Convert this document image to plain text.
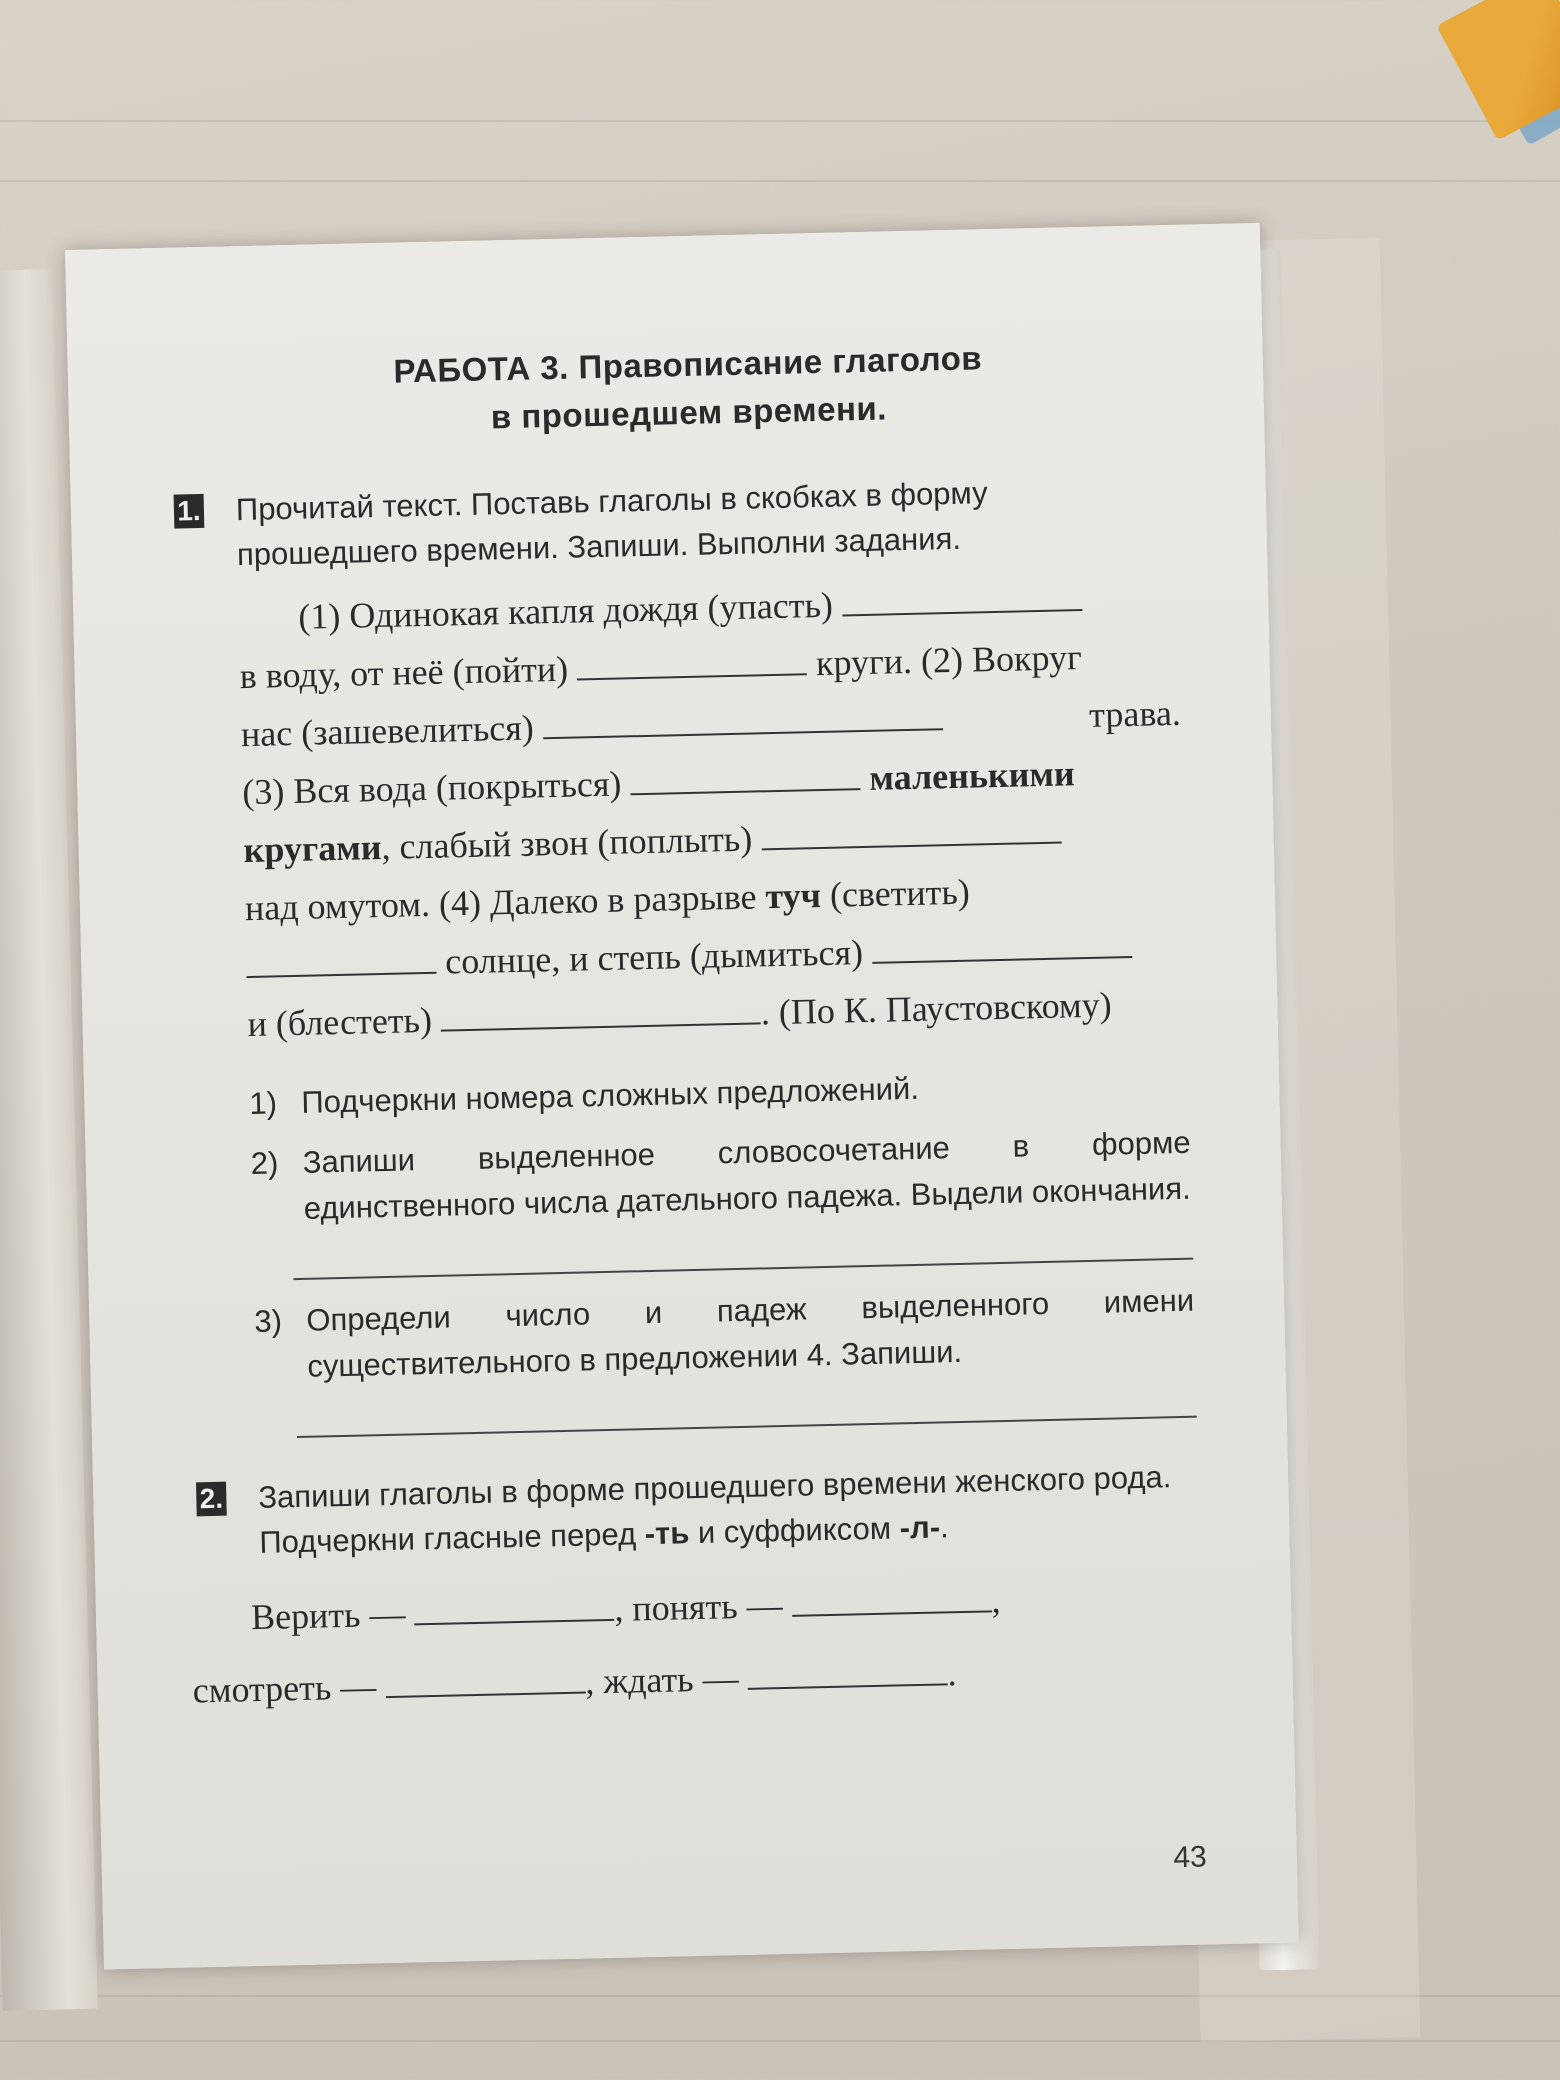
РАБОТА 3. Правописание глаголов
в прошедшем времени.
1. Прочитай текст. Поставь глаголы в скобках в форму прошедшего времени. Запиши. Выполни задания.

(1) Одинокая капля дождя (упасть)

в воду, от неё (пойти)	круги. (2) Вокруг

нас (зашевелиться)	трава.

(3) Вся вода (покрыться)	маленькими

кругами, слабый звон (поплыть)

над омутом. (4) Далеко в разрыве туч (светить)

солнце, и степь (дымиться)

и (блестеть)	. (По К. Паустовскому)

1) Подчеркни номера сложных предложений.
2) Запиши выделенное словосочетание в форме единственного числа дательного падежа. Выдели окончания.
3) Определи число и падеж выделенного имени существительного в предложении 4. Запиши.
2. Запиши глаголы в форме прошедшего времени женского рода. Подчеркни гласные перед -ть и суффиксом -л-.
Верить —	, понять —	,
смотреть —	, ждать —	.
43
